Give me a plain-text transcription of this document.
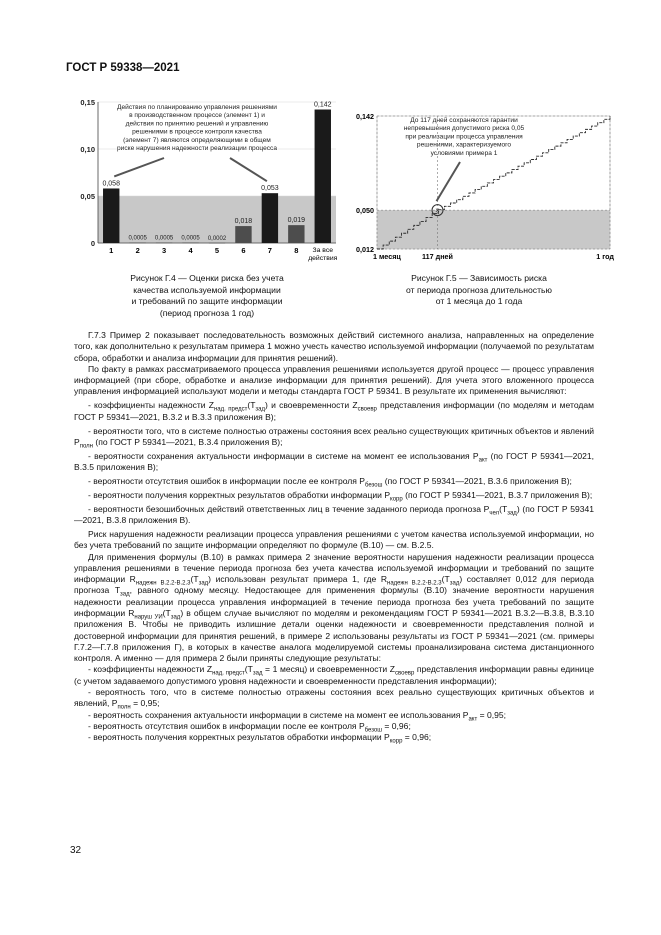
ГОСТ Р 59338—2021
0
0,05
0,10
0,15
0,058
1
0,0005
2
0,0005
3
0,0005
4
0,0002
5
0,018
6
0,053
7
0,019
8
0,142
За все
действия
Действия по планированию управления решениями
в производственном процессе (элемент 1) и
действия по принятию решений и управлению
решениями в процессе контроля качества
(элемент 7) являются определяющими в общем
риске нарушения надежности реализации процесса
Рисунок Г.4 — Оценки риска без учета
качества используемой информации
и требований по защите информации
(период прогноза 1 год)
0,012
0,050
0,142
1 месяц	117 дней	1 год
×
До 117 дней сохраняются гарантии
непревышения допустимого риска 0,05
при реализации процесса управления
решениями, характеризуемого
условиями примера 1
Рисунок Г.5 — Зависимость риска
от периода прогноза длительностью
от 1 месяца до 1 года

Г.7.3 Пример 2 показывает последовательность возможных действий системного анализа, направленных на определение того, как дополнительно к результатам примера 1 можно учесть качество используемой информации (получаемой по результатам сбора, обработки и анализа информации для принятия решений).

По факту в рамках рассматриваемого процесса управления решениями используется другой процесс — процесс управления информацией (при сборе, обработке и анализе информации для принятия решений). Для учета этого вложенного процесса управления информацией используют модели и методы стандарта ГОСТ Р 59341. В результате их применения вычисляют:

- коэффициенты надежности $Z_{над. предст}(T_{зад})$ и своевременности $Z_{своевр}$ представления информации (по моделям и методам ГОСТ Р 59341—2021, В.3.2 и В.3.3 приложения В);

- вероятности того, что в системе полностью отражены состояния всех реально существующих критичных объектов и явлений $P_{полн}$ (по ГОСТ Р 59341—2021, В.3.4 приложения В);

- вероятности сохранения актуальности информации в системе на момент ее использования $P_{акт}$ (по ГОСТ Р 59341—2021, В.3.5 приложения В);

- вероятности отсутствия ошибок в информации после ее контроля $P_{безош}$ (по ГОСТ Р 59341—2021, В.3.6 приложения В);

- вероятности получения корректных результатов обработки информации $P_{корр}$ (по ГОСТ Р 59341—2021, В.3.7 приложения В);

- вероятности безошибочных действий ответственных лиц в течение заданного периода прогноза $P_{чел}(T_{зад})$ (по ГОСТ Р 59341—2021, В.3.8 приложения В).

Риск нарушения надежности реализации процесса управления решениями с учетом качества используемой информации, но без учета требований по защите информации определяют по формуле (В.10) — см. В.2.5.

Для применения формулы (В.10) в рамках примера 2 значение вероятности нарушения надежности реализации процесса управления решениями в течение периода прогноза без учета качества используемой информации и требований по защите информации $R_{надежн В.2.2-В.2.3}(T_{зад})$ использован результат примера 1, где $R_{надежн В.2.2-В.2.3}(T_{зад})$ составляет 0,012 для периода прогноза $T_{зад}$, равного одному месяцу. Недостающее для применения формулы (В.10) значение вероятности нарушения надежности реализации процесса управления информацией в течение периода прогноза без учета требований по защите информации $R_{наруш УИ}(T_{зад})$ в общем случае вычисляют по моделям и рекомендациям ГОСТ Р 59341—2021 В.3.2—В.3.8, В.3.10 приложения В. Чтобы не приводить излишние детали оценки надежности и своевременности представления полной и достоверной информации для принятия решений, в примере 2 использованы результаты из ГОСТ Р 59341—2021 (см. примеры Г.7.2—Г.7.8 приложения Г), в которых в качестве аналога моделируемой системы проанализирована система дистанционного контроля. А именно — для примера 2 были приняты следующие результаты:

- коэффициенты надежности $Z_{над. предст}(T_{зад} = 1$ месяц) и своевременности $Z_{своевр}$ представления информации равны единице (с учетом задаваемого допустимого уровня надежности и своевременности представления информации);

- вероятность того, что в системе полностью отражены состояния всех реально существующих критичных объектов и явлений, $P_{полн} = 0,95$;

- вероятность сохранения актуальности информации в системе на момент ее использования $P_{акт} = 0,95$;

- вероятность отсутствия ошибок в информации после ее контроля $P_{безош} = 0,96$;

- вероятность получения корректных результатов обработки информации $P_{корр} = 0,96$;

32
